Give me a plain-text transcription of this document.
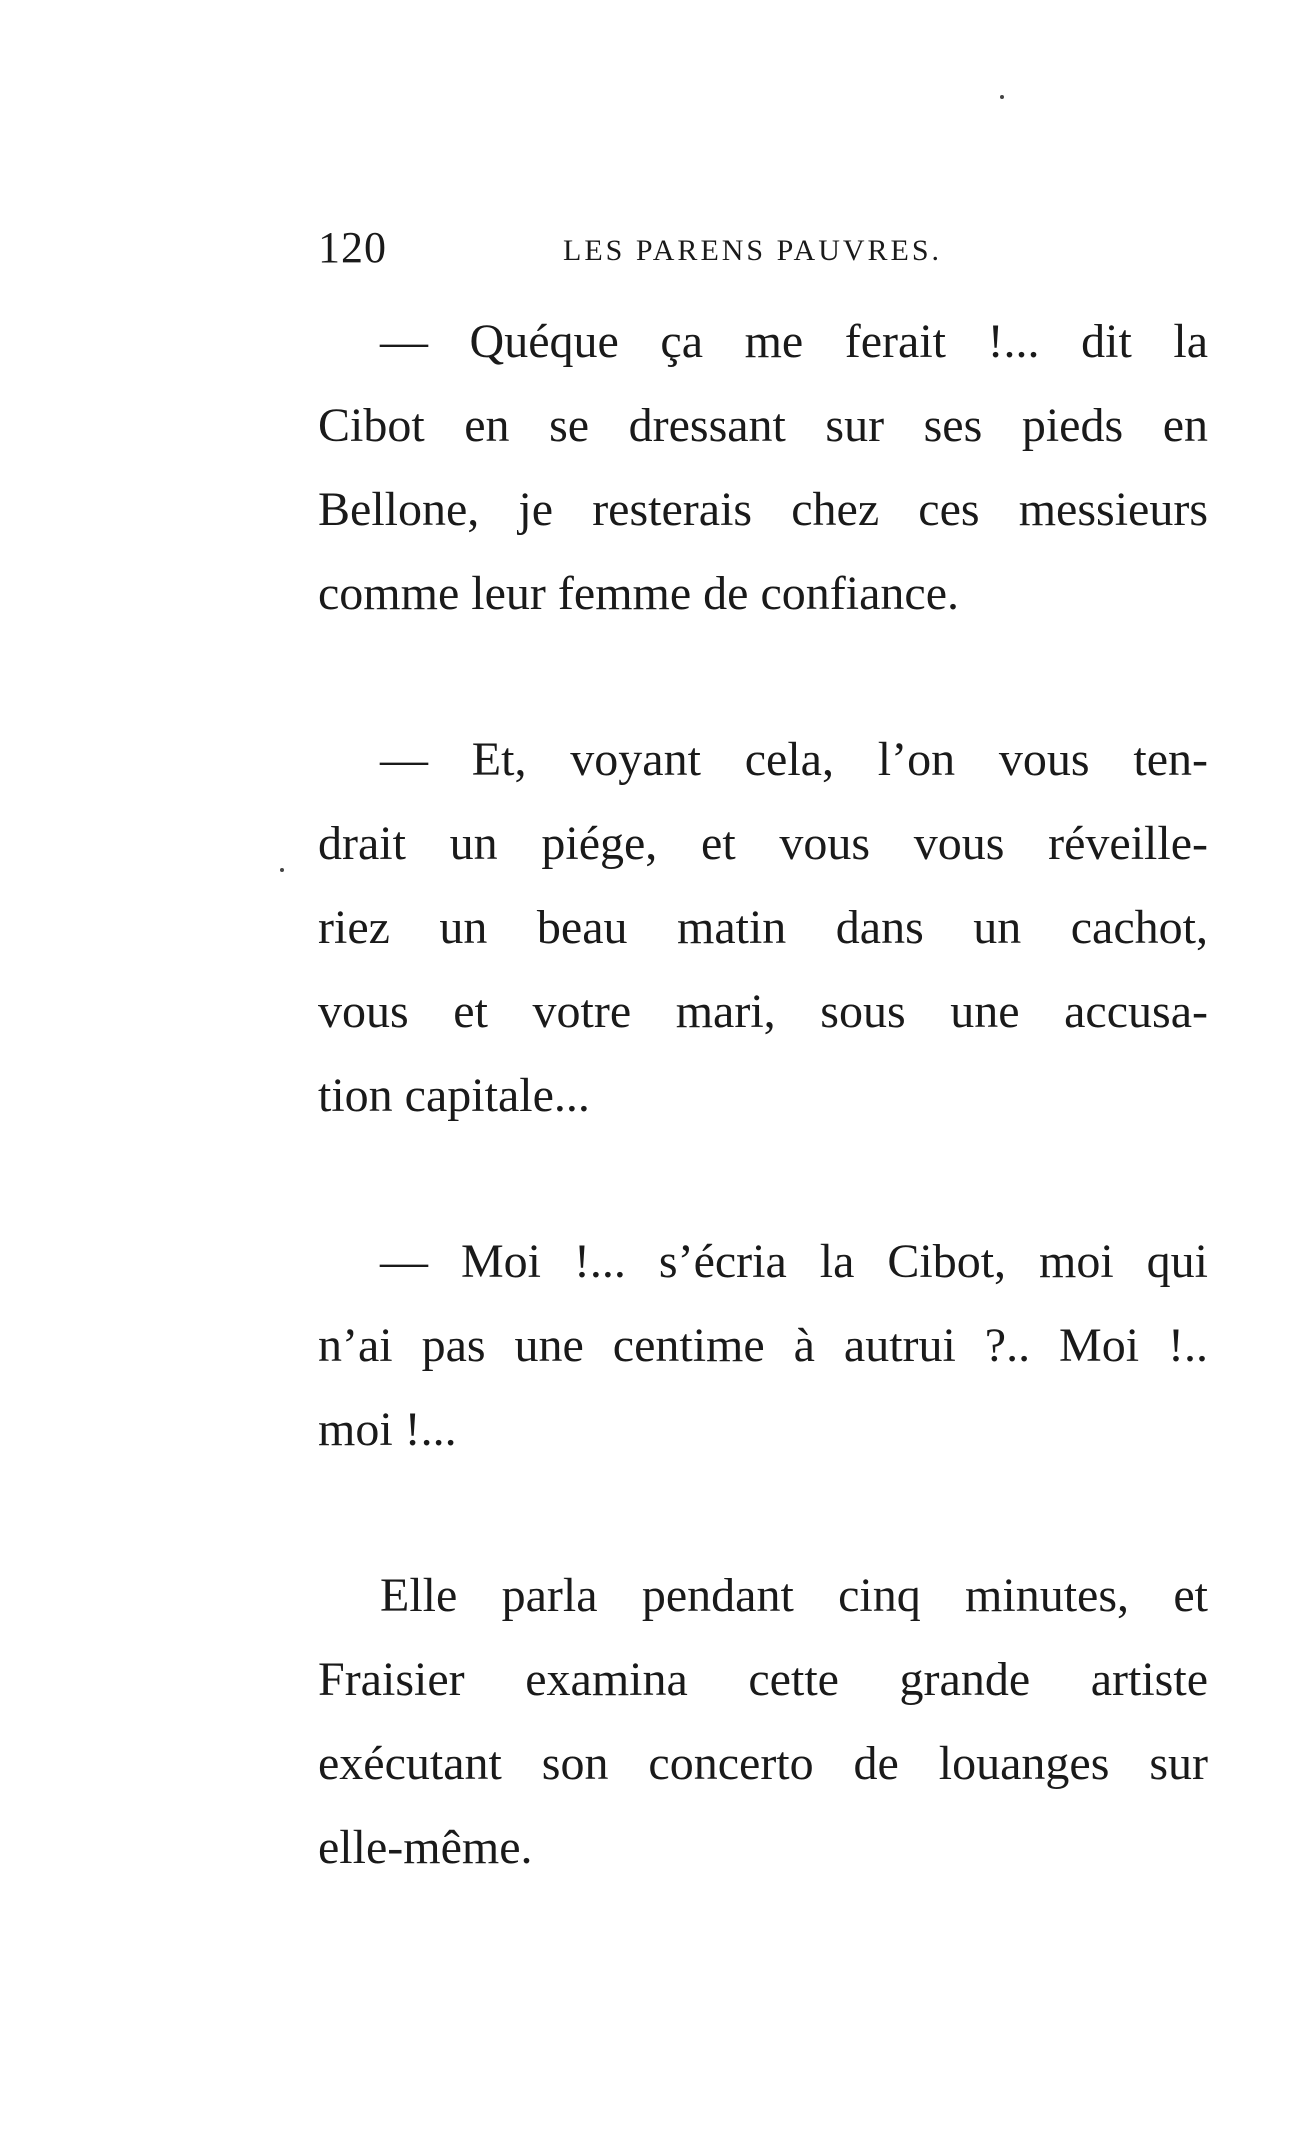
120	LES PARENS PAUVRES.
— Quéque ça me ferait !... dit la
Cibot en se dressant sur ses pieds en
Bellone, je resterais chez ces messieurs
comme leur femme de confiance.
— Et, voyant cela, l’on vous ten-
drait un piége, et vous vous réveille-
riez un beau matin dans un cachot,
vous et votre mari, sous une accusa-
tion capitale...
— Moi !... s’écria la Cibot, moi qui
n’ai pas une centime à autrui ?.. Moi !..
moi !...
Elle parla pendant cinq minutes, et
Fraisier examina cette grande artiste
exécutant son concerto de louanges sur
elle-même.
